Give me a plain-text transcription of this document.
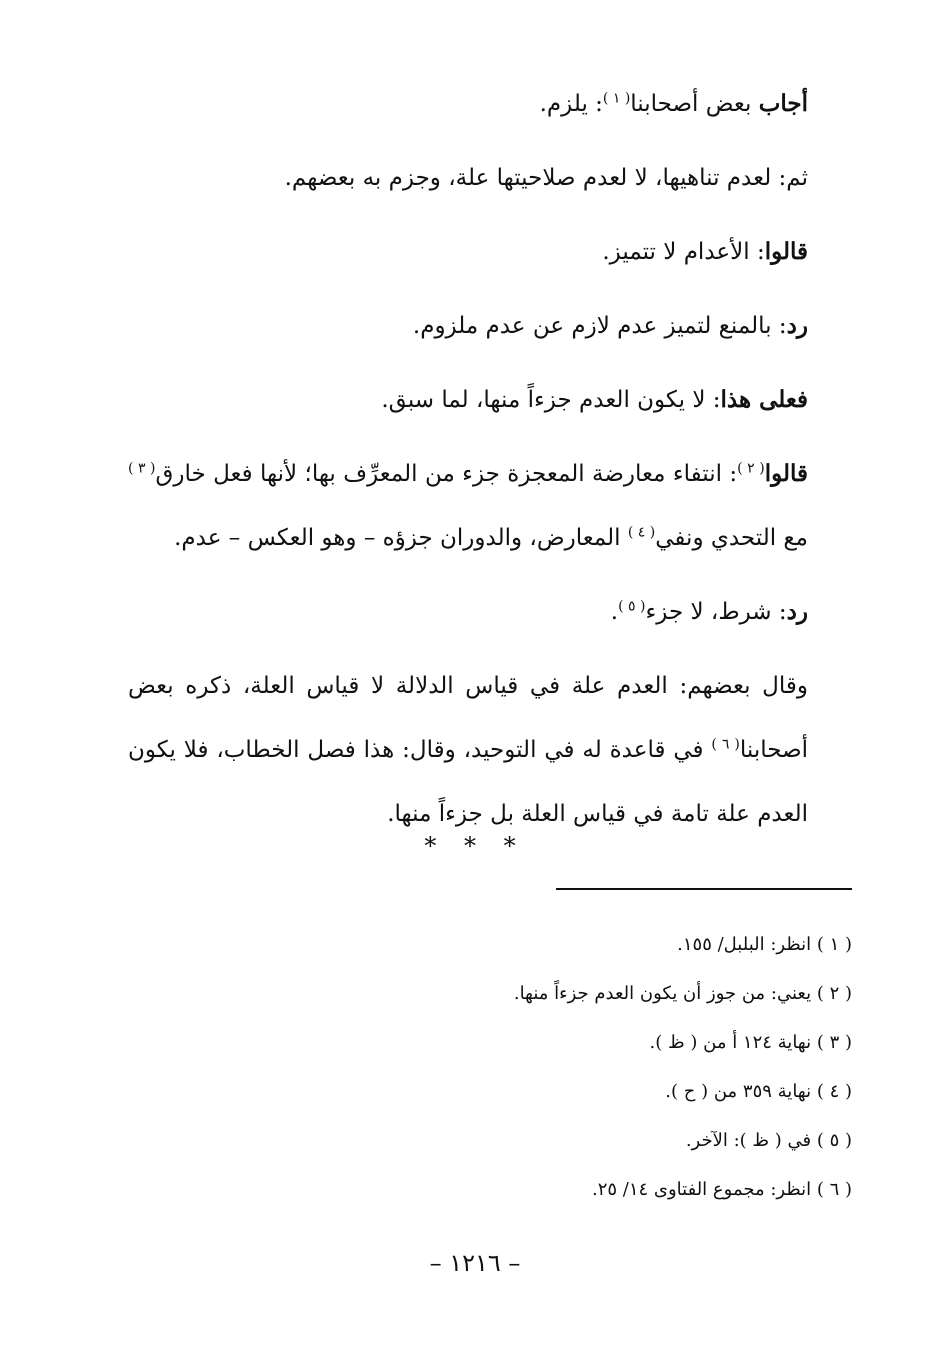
أجاب بعض أصحابنا$^{( ١ )}$: يلزم.

ثم: لعدم تناهيها، لا لعدم صلاحيتها علة، وجزم به بعضهم.

قالوا: الأعدام لا تتميز.

رد: بالمنع لتميز عدم لازم عن عدم ملزوم.

فعلى هذا: لا يكون العدم جزءاً منها، لما سبق.

قالوا$^{( ٢ )}$: انتفاء معارضة المعجزة جزء من المعرِّف بها؛ لأنها فعل خارق$^{( ٣ )}$ مع التحدي ونفي$^{( ٤ )}$ المعارض، والدوران جزؤه – وهو العكس – عدم.

رد: شرط، لا جزء$^{( ٥ )}$.

وقال بعضهم: العدم علة في قياس الدلالة لا قياس العلة، ذكره بعض أصحابنا$^{( ٦ )}$ في قاعدة له في التوحيد، وقال: هذا فصل الخطاب، فلا يكون العدم علة تامة في قياس العلة بل جزءاً منها.

* * *
( ١ ) انظر: البلبل/ ١٥٥.
( ٢ ) يعني: من جوز أن يكون العدم جزءاً منها.
( ٣ ) نهاية ١٢٤ أ من ( ظ ).
( ٤ ) نهاية ٣٥٩ من ( ح ).
( ٥ ) في ( ظ ): الآخر.
( ٦ ) انظر: مجموع الفتاوى ١٤/ ٢٥.
– ١٢١٦ –
